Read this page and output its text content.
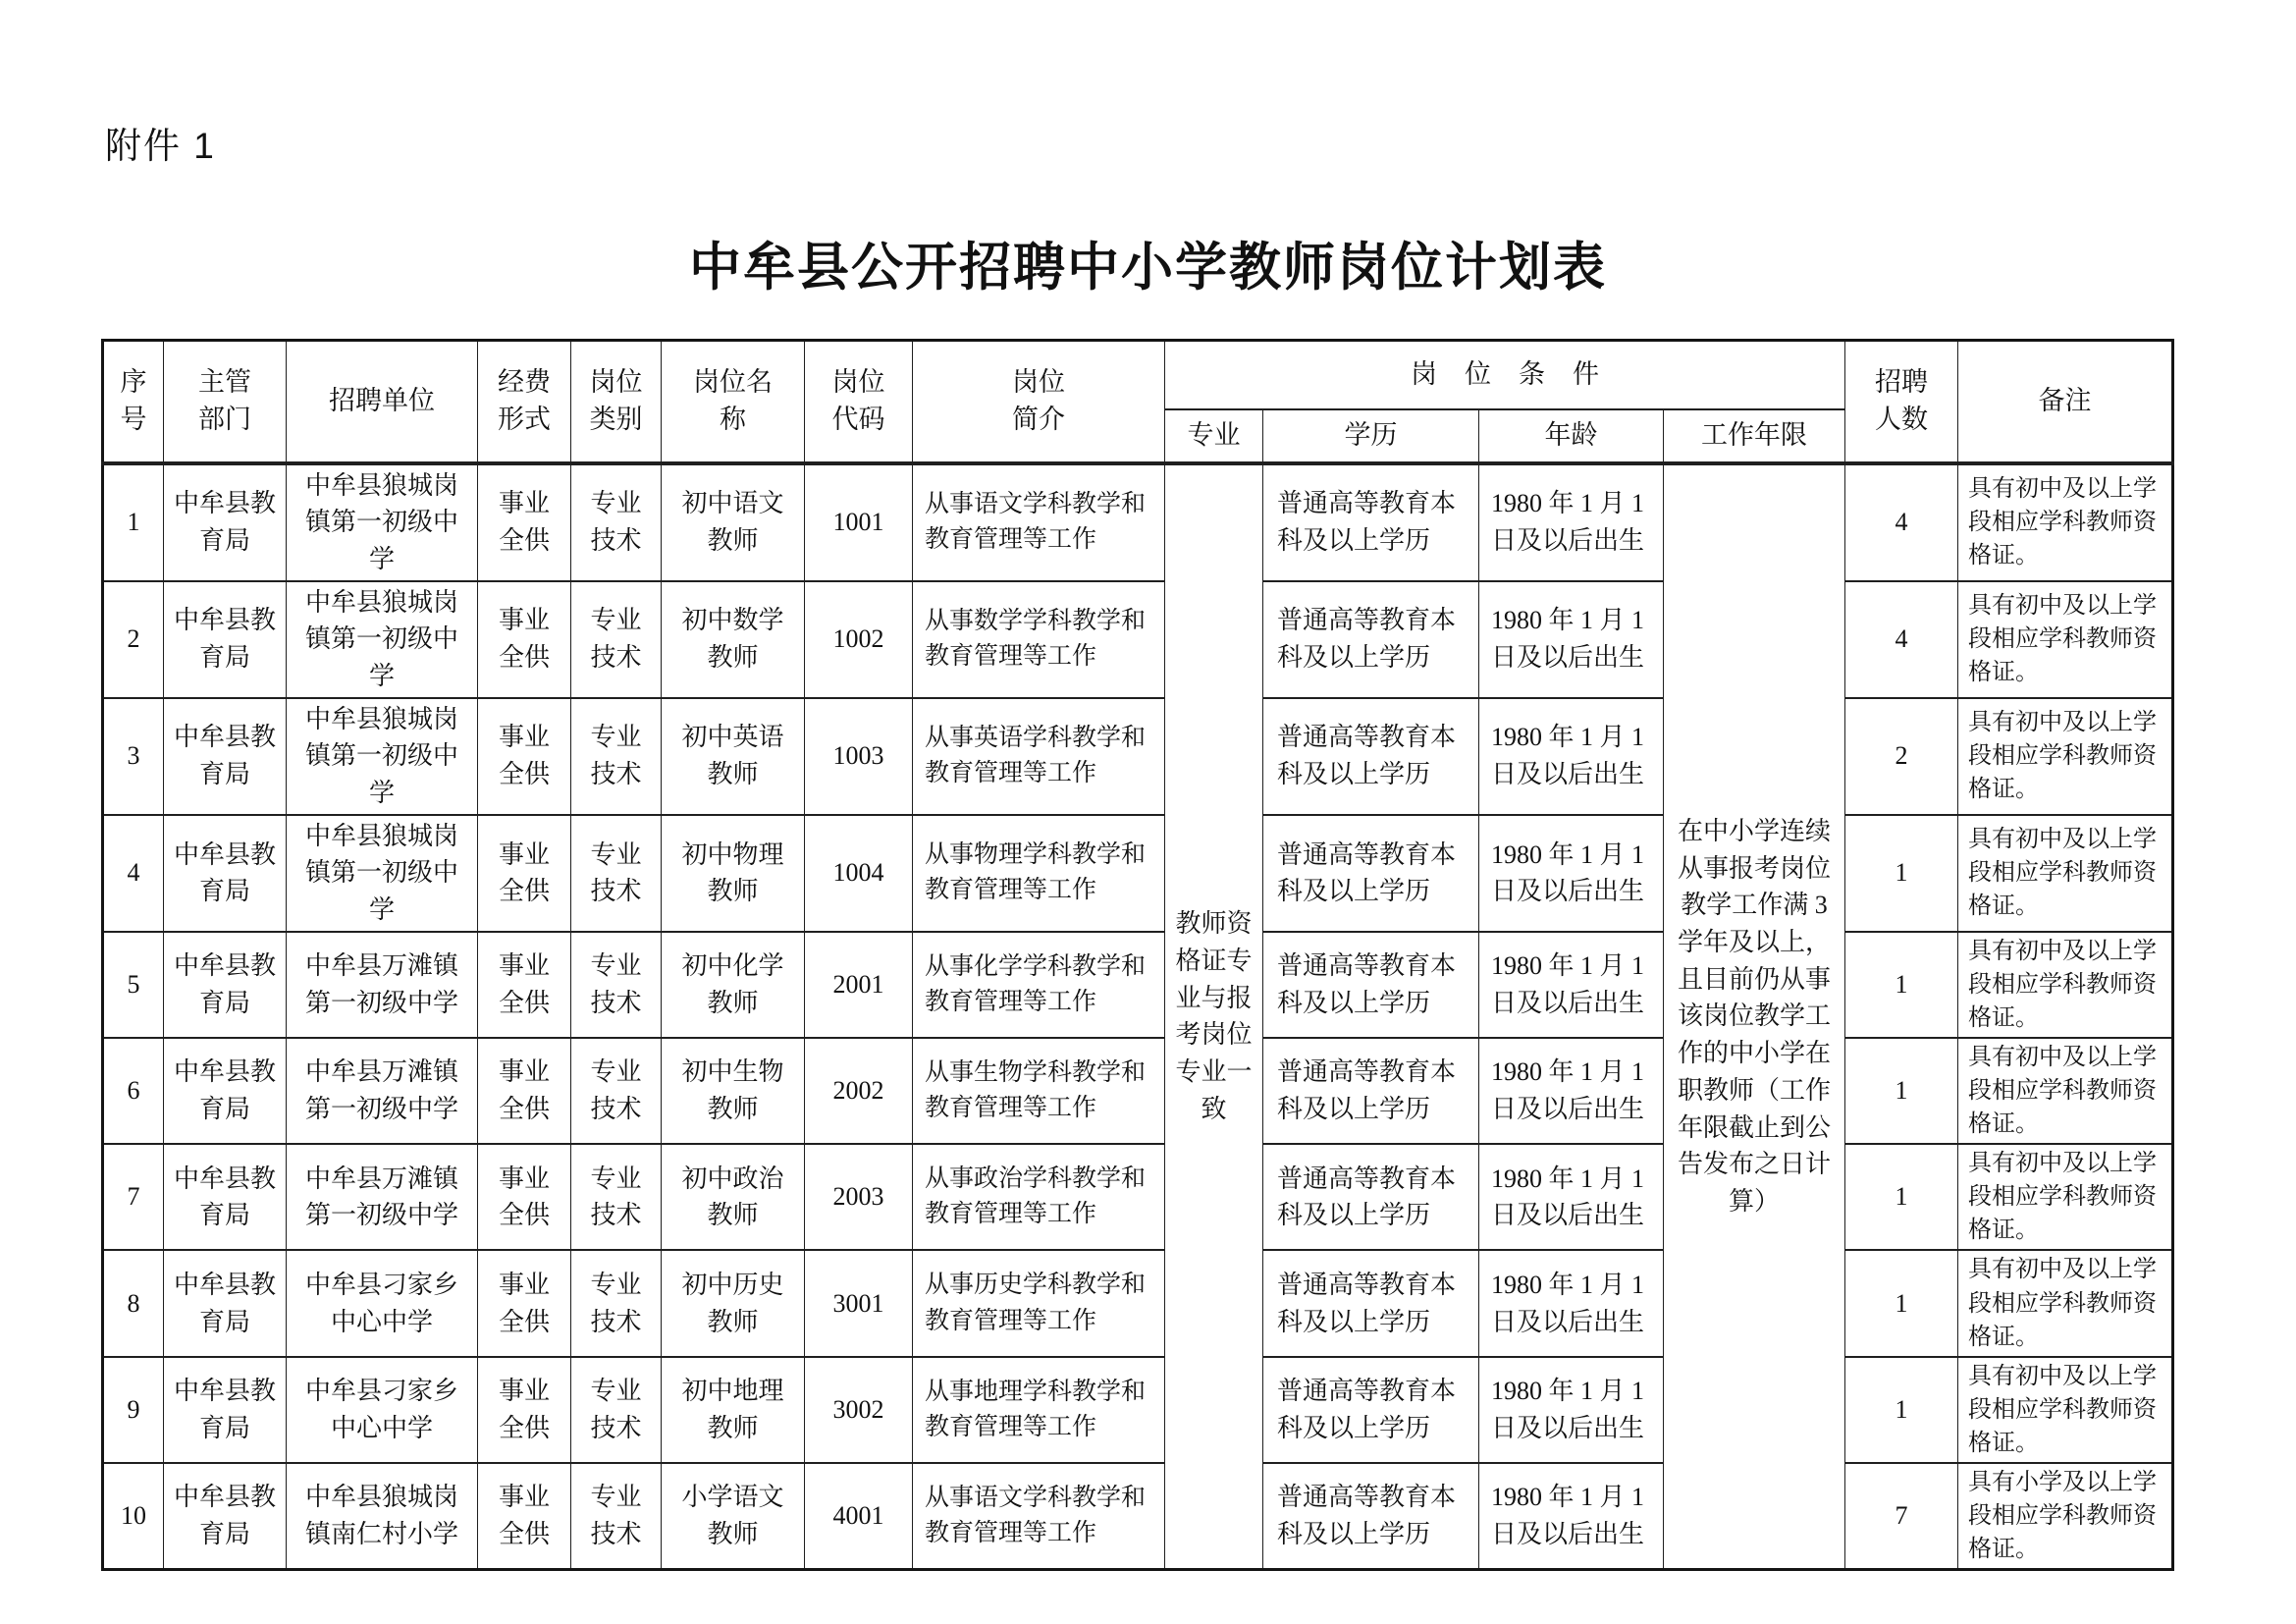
附件 1
中牟县公开招聘中小学教师岗位计划表
序号	主管部门	招聘单位	经费形式	岗位类别	岗位名称	岗位代码	岗位简介	岗位条件				招聘人数	备注
								专业	学历	年龄	工作年限		
1	中牟县教育局	中牟县狼城岗镇第一初级中学	事业全供	专业技术	初中语文教师	1001	从事语文学科教学和教育管理等工作	教师资格证专业与报考岗位专业一致	普通高等教育本科及以上学历	1980 年 1 月 1 日及以后出生	在中小学连续从事报考岗位教学工作满 3 学年及以上，且目前仍从事该岗位教学工作的中小学在职教师（工作年限截止到公告发布之日计算）	4	具有初中及以上学段相应学科教师资格证。
2	中牟县教育局	中牟县狼城岗镇第一初级中学	事业全供	专业技术	初中数学教师	1002	从事数学学科教学和教育管理等工作		普通高等教育本科及以上学历	1980 年 1 月 1 日及以后出生		4	具有初中及以上学段相应学科教师资格证。
3	中牟县教育局	中牟县狼城岗镇第一初级中学	事业全供	专业技术	初中英语教师	1003	从事英语学科教学和教育管理等工作		普通高等教育本科及以上学历	1980 年 1 月 1 日及以后出生		2	具有初中及以上学段相应学科教师资格证。
4	中牟县教育局	中牟县狼城岗镇第一初级中学	事业全供	专业技术	初中物理教师	1004	从事物理学科教学和教育管理等工作		普通高等教育本科及以上学历	1980 年 1 月 1 日及以后出生		1	具有初中及以上学段相应学科教师资格证。
5	中牟县教育局	中牟县万滩镇第一初级中学	事业全供	专业技术	初中化学教师	2001	从事化学学科教学和教育管理等工作		普通高等教育本科及以上学历	1980 年 1 月 1 日及以后出生		1	具有初中及以上学段相应学科教师资格证。
6	中牟县教育局	中牟县万滩镇第一初级中学	事业全供	专业技术	初中生物教师	2002	从事生物学科教学和教育管理等工作		普通高等教育本科及以上学历	1980 年 1 月 1 日及以后出生		1	具有初中及以上学段相应学科教师资格证。
7	中牟县教育局	中牟县万滩镇第一初级中学	事业全供	专业技术	初中政治教师	2003	从事政治学科教学和教育管理等工作		普通高等教育本科及以上学历	1980 年 1 月 1 日及以后出生		1	具有初中及以上学段相应学科教师资格证。
8	中牟县教育局	中牟县刁家乡中心中学	事业全供	专业技术	初中历史教师	3001	从事历史学科教学和教育管理等工作		普通高等教育本科及以上学历	1980 年 1 月 1 日及以后出生		1	具有初中及以上学段相应学科教师资格证。
9	中牟县教育局	中牟县刁家乡中心中学	事业全供	专业技术	初中地理教师	3002	从事地理学科教学和教育管理等工作		普通高等教育本科及以上学历	1980 年 1 月 1 日及以后出生		1	具有初中及以上学段相应学科教师资格证。
10	中牟县教育局	中牟县狼城岗镇南仁村小学	事业全供	专业技术	小学语文教师	4001	从事语文学科教学和教育管理等工作		普通高等教育本科及以上学历	1980 年 1 月 1 日及以后出生		7	具有小学及以上学段相应学科教师资格证。
